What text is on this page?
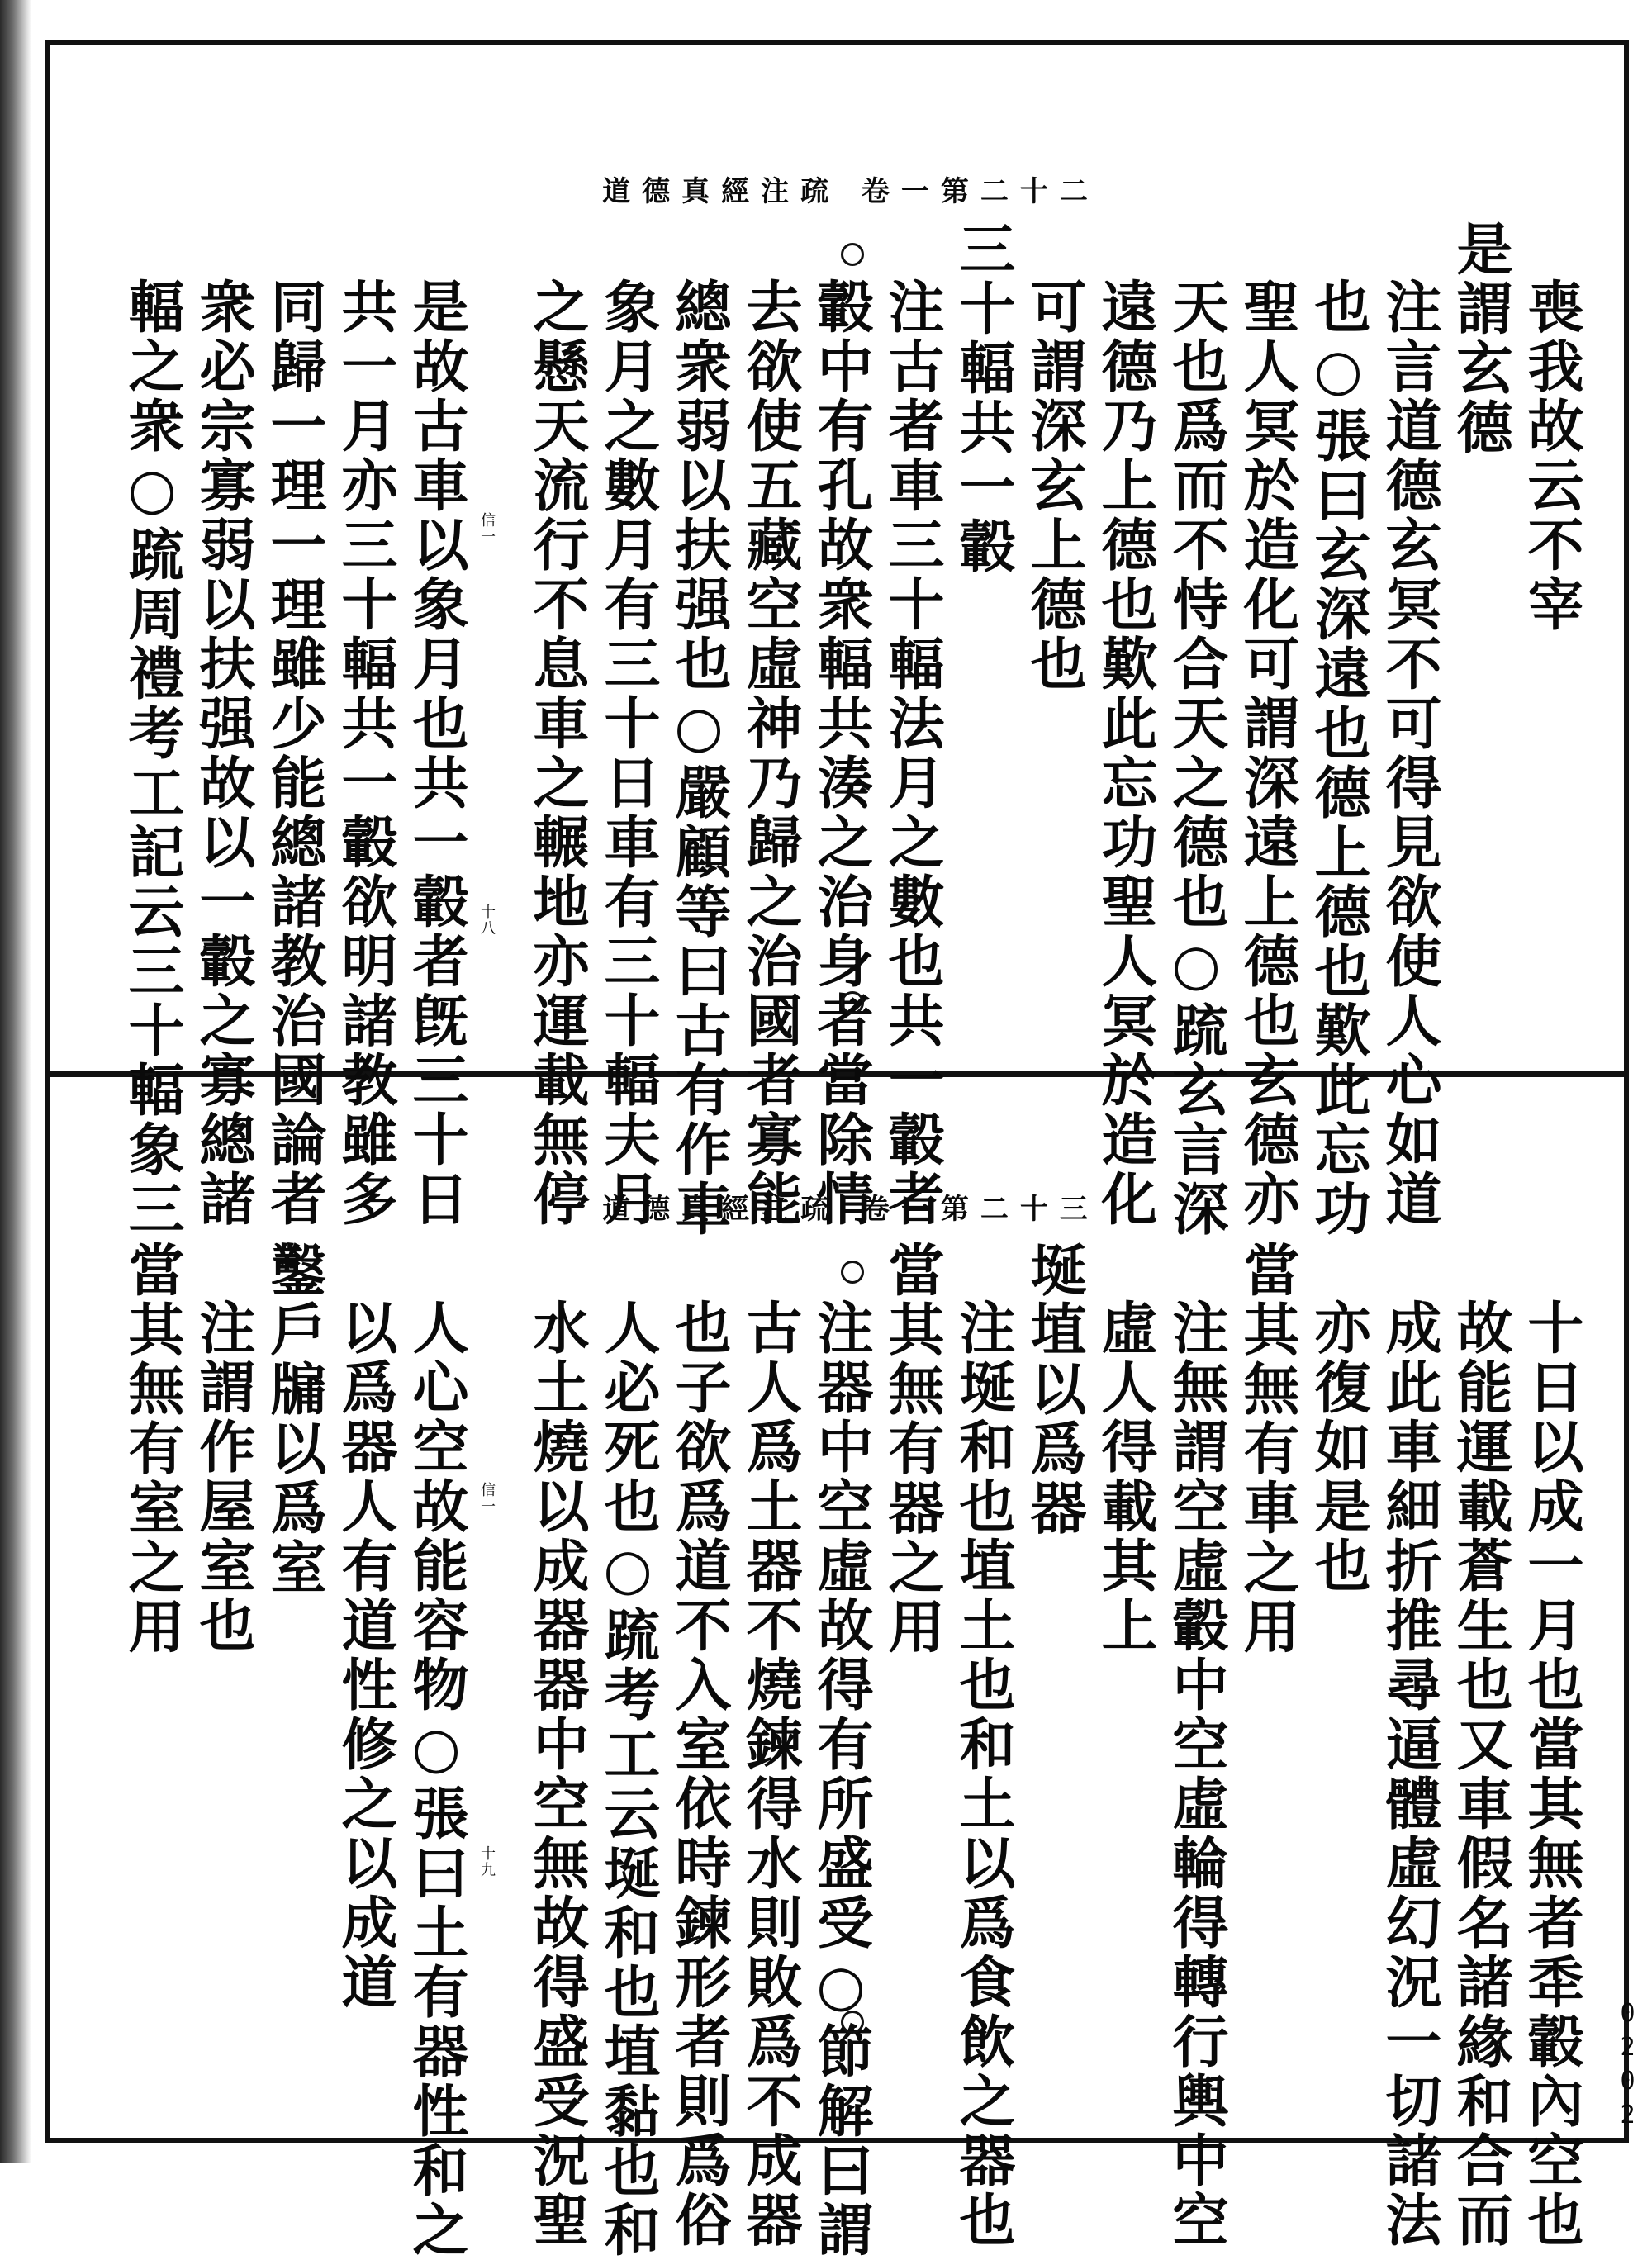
道德真經注疏 卷一第二十二
喪我故云不宰
是謂玄德
注言道德玄冥不可得見欲使人心如道
也○張曰玄深遠也德上德也歎此忘功
聖人冥於造化可謂深遠上德也玄德亦
天也爲而不恃合天之德也○䟽玄言深
遠德乃上德也歎此忘功聖人冥於造化
可謂深玄上德也
三十輻共一轂
注古者車三十輻法月之數也共一轂者
轂中有孔故衆輻共湊之治身者當除情
去欲使五藏空虛神乃歸之治國者寡能
總衆弱以扶强也○嚴顧等曰古有作車
象月之數月有三十日車有三十輻夫月
之懸天流行不息車之輾地亦運載無停
是故古車以象月也共一轂者旣三十日
共一月亦三十輻共一轂欲明諸教雖多
同歸一理一理雖少能總諸教治國論者
衆必宗寡弱以扶强故以一轂之寡總諸
輻之衆○䟽周禮考工記云三十輻象三	十八
信一
道德真經注疏 卷一第二十三
十日以成一月也當其無者䄵轂內空也
故能運載蒼生也又車假名諸緣和合而
成此車細折推尋逼體虛幻況一切諸法
亦復如是也
當其無有車之用
注無謂空虛轂中空虛輪得轉行輿中空
虛人得載其上
埏埴以爲器
注埏和也埴土也和土以爲食飲之器也
當其無有器之用
注器中空虛故得有所盛受○節解曰謂
古人爲土器不燒鍊得水則敗爲不成器
也子欲爲道不入室依時鍊形者則爲俗
人必死也○䟽考工云埏和也埴黏也和
水土燒以成器器中空無故得盛受況聖
人心空故能容物○張曰土有器性和之
以爲器人有道性修之以成道
鑿戶牖以爲室
注謂作屋室也
當其無有室之用
十九
信一
0202
